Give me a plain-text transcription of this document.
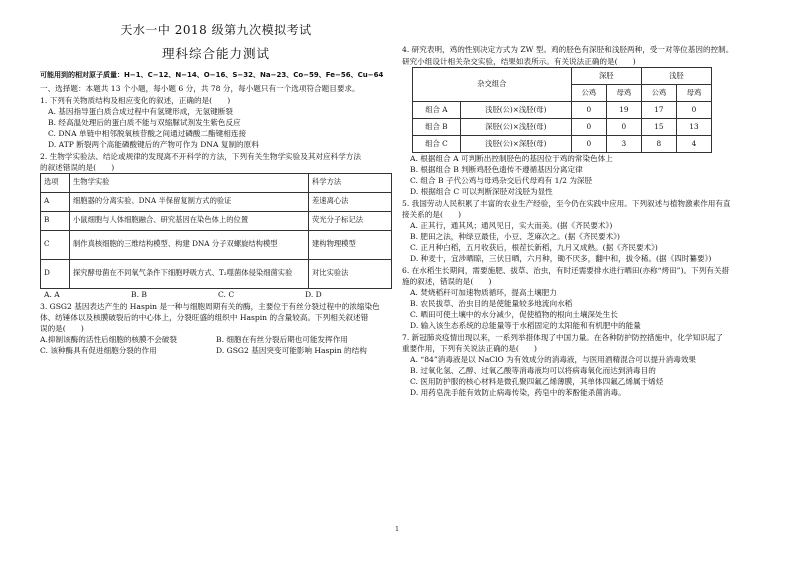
天水一中 2018 级第九次模拟考试

理科综合能力测试

可能用到的相对原子质量：H−1、C−12、N−14、O−16、S−32、Na−23、Co−59、Fe−56、Cu−64

一、选择题：本题共 13 个小题，每小题 6 分，共 78 分，每小题只有一个选项符合题目要求。

1. 下列有关物质结构及相应变化的叙述，正确的是(　　)

A. 基因指导蛋白质合成过程中有氢键形成，无氢键断裂

B. 经高温处理后的蛋白质不能与双缩脲试剂发生紫色反应

C. DNA 单链中相邻脱氧核苷酸之间通过磷酸二酯键相连接

D. ATP 断裂两个高能磷酸键后的产物可作为 DNA 复制的原料

2. 生物学实验法、结论或规律的发现离不开科学的方法，下列有关生物学实验及其对应科学方法

的叙述错误的是(　　)

选项	生物学实验	科学方法
A	细胞器的分离实验、DNA 半保留复制方式的验证	差速离心法
B	小鼠细胞与人体细胞融合、研究基因在染色体上的位置	荧光分子标记法
C	制作真核细胞的三维结构模型、构建 DNA 分子双螺旋结构模型	建构物理模型
D	探究酵母菌在不同氧气条件下细胞呼吸方式、T₂噬菌体侵染细菌实验	对比实验法
A. A	B. B	C. C	D. D

3. GSG2 基因表达产生的 Haspin 是一种与细胞周期有关的酶，主要位于有丝分裂过程中的浓缩染色

体、纺锤体以及核膜破裂后的中心体上，分裂旺盛的组织中 Haspin 的含量较高。下列相关叙述错

误的是(　　)

A.抑制该酶的活性后细胞的核膜不会破裂	B. 细胞在有丝分裂后期也可能发挥作用
C. 该种酶具有促进细胞分裂的作用	D. GSG2 基因突变可能影响 Haspin 的结构

4. 研究表明，鸡的性别决定方式为 ZW 型。鸡的胫色有深胫和浅胫两种，受一对等位基因的控制。

研究小组设计相关杂交实验，结果如表所示。有关说法正确的是(　　)

杂交组合		深胫		浅胫	
		公鸡	母鸡	公鸡	母鸡
组合 A	浅胫(公)×浅胫(母)	0	19	17	0
组合 B	深胫(公)×浅胫(母)	0	0	15	13
组合 C	浅胫(公)×深胫(母)	0	3	8	4

A. 根据组合 A 可判断出控制胫色的基因位于鸡的常染色体上

B. 根据组合 B 判断鸡胫色遗传不遵循基因分离定律

C. 组合 B 子代公鸡与母鸡杂交后代母鸡有 1/2 为深胫

D. 根据组合 C 可以判断深胫对浅胫为显性

5. 我国劳动人民积累了丰富的农业生产经验，至今仍在实践中应用。下列叙述与植物激素作用有直

接关系的是(　　)

A. 正其行，通其风；通风见日，实大而美。(据《齐民要术》)

B. 肥田之法，种绿豆最佳，小豆、芝麻次之。(据《齐民要术》)

C. 正月种白稻，五月收获后，根茬长新稻，九月又成熟。(据《齐民要术》)

D. 种麦十，宜涉晒晾，三伏日晒，六月种，锄不厌多，翻中和，拔令稀。(据《四时纂要》)

6. 在水稻生长期间，需要施肥、拔草、治虫，有时还需要排水进行晒田(亦称“烤田”)。下列有关措

施的叙述，错误的是(　　)

A. 焚烧稻秆可加速物质循环，提高土壤肥力

B. 农民拔草、治虫目的是使能量较多地流向水稻

C. 晒田可使土壤中的水分减少，促使植物的根向土壤深处生长

D. 输入该生态系统的总能量等于水稻固定的太阳能和有机肥中的能量

7. 新冠肺炎疫情出现以来，一系列举措体现了中国力量。在各种防护防控措施中，化学知识起了

重要作用，下列有关说法正确的是(　　)

A. “84”消毒液是以 NaClO 为有效成分的消毒液，与医用酒精混合可以提升消毒效果

B. 过氧化氢、乙醇、过氧乙酸等消毒液均可以将病毒氧化而达到消毒目的

C. 医用防护服的核心材料是微孔聚四氟乙烯薄膜，其单体四氟乙烯属于烯烃

D. 用药皂洗手能有效防止病毒传染，药皂中的苯酚能杀菌消毒。

1
